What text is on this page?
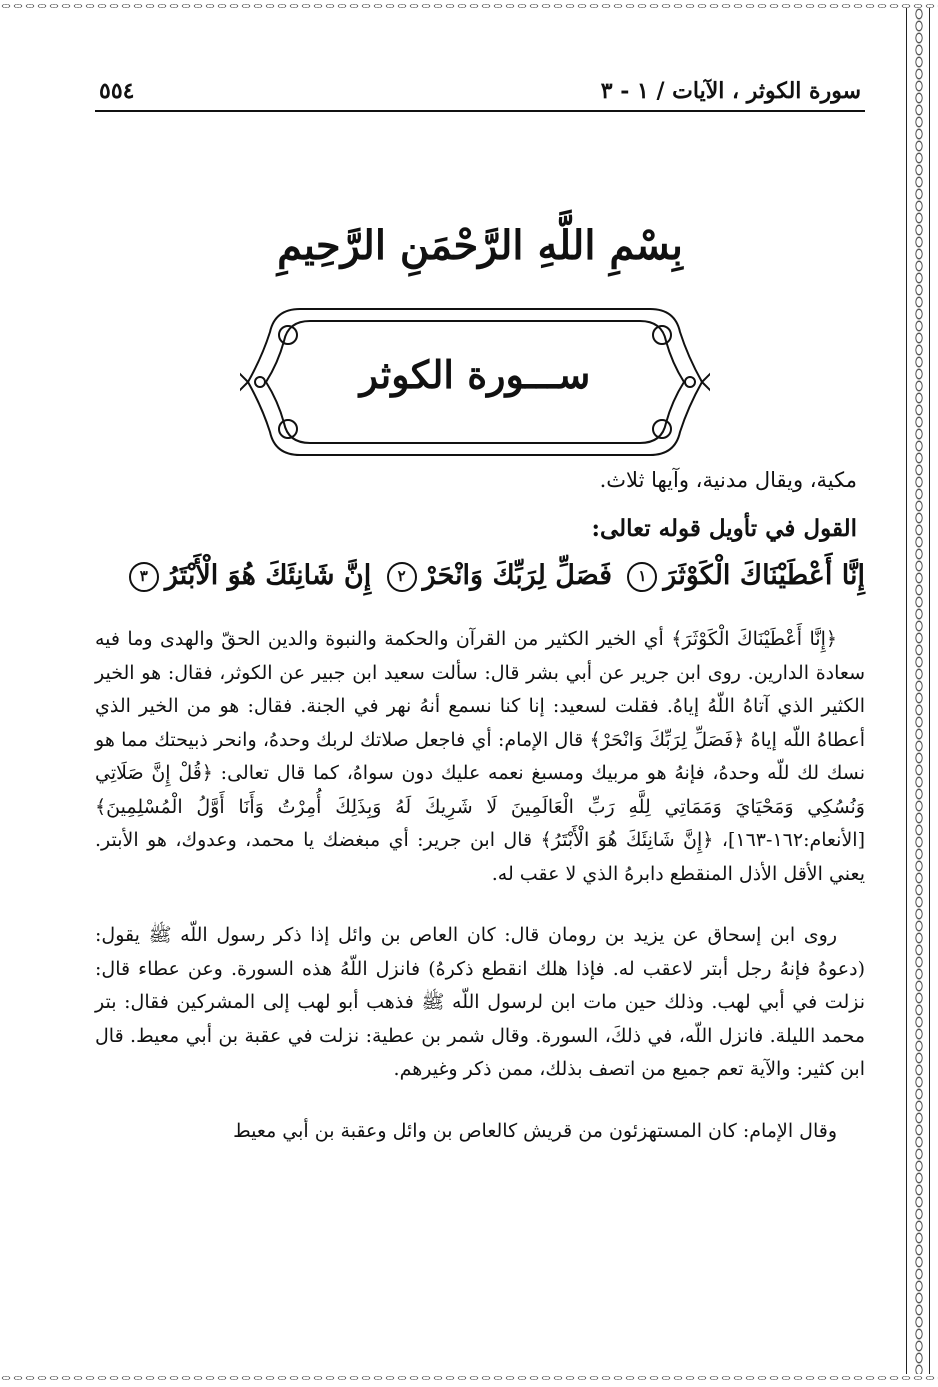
سورة الكوثر ، الآيات / ١ - ٣
٥٥٤
بِسْمِ اللَّهِ الرَّحْمَنِ الرَّحِيمِ
ســـورة الكوثر
مكية، ويقال مدنية، وآيها ثلاث.
القول في تأويل قوله تعالى:
إِنَّا أَعْطَيْنَاكَ الْكَوْثَرَ١ فَصَلِّ لِرَبِّكَ وَانْحَرْ٢ إِنَّ شَانِئَكَ هُوَ الْأَبْتَرُ٣

﴿إِنَّا أَعْطَيْنَاكَ الْكَوْثَرَ﴾ أي الخير الكثير من القرآن والحكمة والنبوة والدين الحقّ والهدى وما فيه سعادة الدارين. روى ابن جرير عن أبي بشر قال: سألت سعيد ابن جبير عن الكوثر، فقال: هو الخير الكثير الذي آتاهُ اللّهُ إياهُ. فقلت لسعيد: إنا كنا نسمع أنهُ نهر في الجنة. فقال: هو من الخير الذي أعطاهُ اللّه إياهُ ﴿فَصَلِّ لِرَبِّكَ وَانْحَرْ﴾ قال الإمام: أي فاجعل صلاتك لربك وحدهُ، وانحر ذبيحتك مما هو نسك لك للّه وحدهُ، فإنهُ هو مربيك ومسبغ نعمه عليك دون سواهُ، كما قال تعالى: ﴿قُلْ إِنَّ صَلَاتِي وَنُسُكِي وَمَحْيَايَ وَمَمَاتِي لِلَّهِ رَبِّ الْعَالَمِينَ لَا شَرِيكَ لَهُ وَبِذَلِكَ أُمِرْتُ وَأَنَا أَوَّلُ الْمُسْلِمِينَ﴾ [الأنعام:١٦٢-١٦٣]، ﴿إِنَّ شَانِئَكَ هُوَ الْأَبْتَرُ﴾ قال ابن جرير: أي مبغضك يا محمد، وعدوك، هو الأبتر. يعني الأقل الأذل المنقطع دابرهُ الذي لا عقب له.

روى ابن إسحاق عن يزيد بن رومان قال: كان العاص بن وائل إذا ذكر رسول اللّه ﷺ يقول: (دعوهُ فإنهُ رجل أبتر لاعقب له. فإذا هلك انقطع ذكرهُ) فانزل اللّهُ هذه السورة. وعن عطاء قال: نزلت في أبي لهب. وذلك حين مات ابن لرسول اللّه ﷺ فذهب أبو لهب إلى المشركين فقال: بتر محمد الليلة. فانزل اللّه، في ذلكَ، السورة. وقال شمر بن عطية: نزلت في عقبة بن أبي معيط. قال ابن كثير: والآية تعم جميع من اتصف بذلك، ممن ذكر وغيرهم.

وقال الإمام: كان المستهزئون من قريش كالعاص بن وائل وعقبة بن أبي معيط
